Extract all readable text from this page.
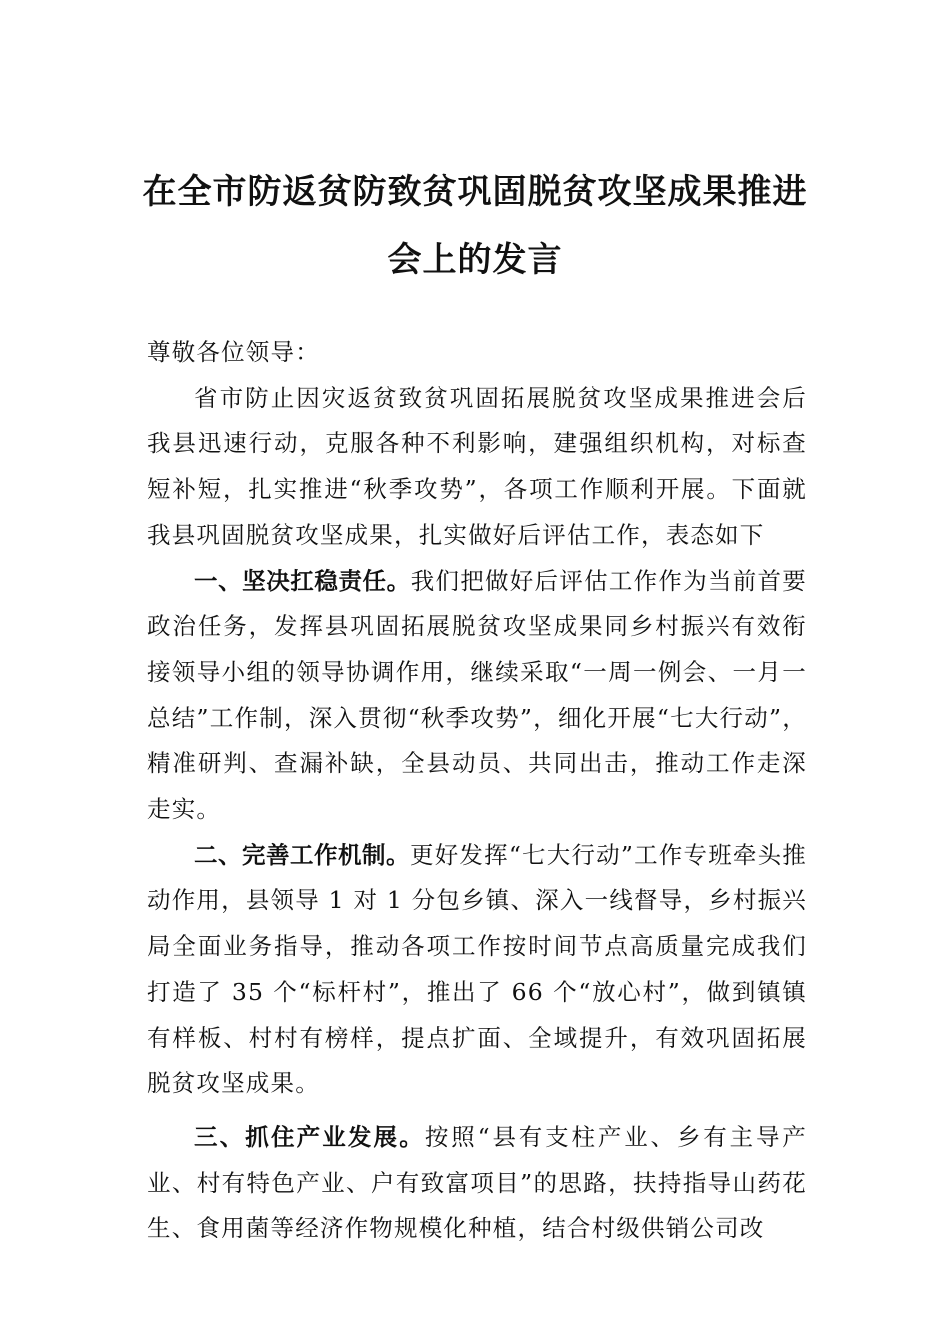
在全市防返贫防致贫巩固脱贫攻坚成果推进会上的发言

尊敬各位领导：

省市防止因灾返贫致贫巩固拓展脱贫攻坚成果推进会后我县迅速行动，克服各种不利影响，建强组织机构，对标查短补短，扎实推进“秋季攻势”，各项工作顺利开展。下面就我县巩固脱贫攻坚成果，扎实做好后评估工作，表态如下

一、坚决扛稳责任。我们把做好后评估工作作为当前首要政治任务，发挥县巩固拓展脱贫攻坚成果同乡村振兴有效衔接领导小组的领导协调作用，继续采取“一周一例会、一月一总结”工作制，深入贯彻“秋季攻势”，细化开展“七大行动”，精准研判、查漏补缺，全县动员、共同出击，推动工作走深走实。

二、完善工作机制。更好发挥“七大行动”工作专班牵头推动作用，县领导 1 对 1 分包乡镇、深入一线督导，乡村振兴局全面业务指导，推动各项工作按时间节点高质量完成我们打造了 35 个“标杆村”，推出了 66 个“放心村”，做到镇镇有样板、村村有榜样，提点扩面、全域提升，有效巩固拓展脱贫攻坚成果。

三、抓住产业发展。按照“县有支柱产业、乡有主导产业、村有特色产业、户有致富项目”的思路，扶持指导山药花生、食用菌等经济作物规模化种植，结合村级供销公司改
